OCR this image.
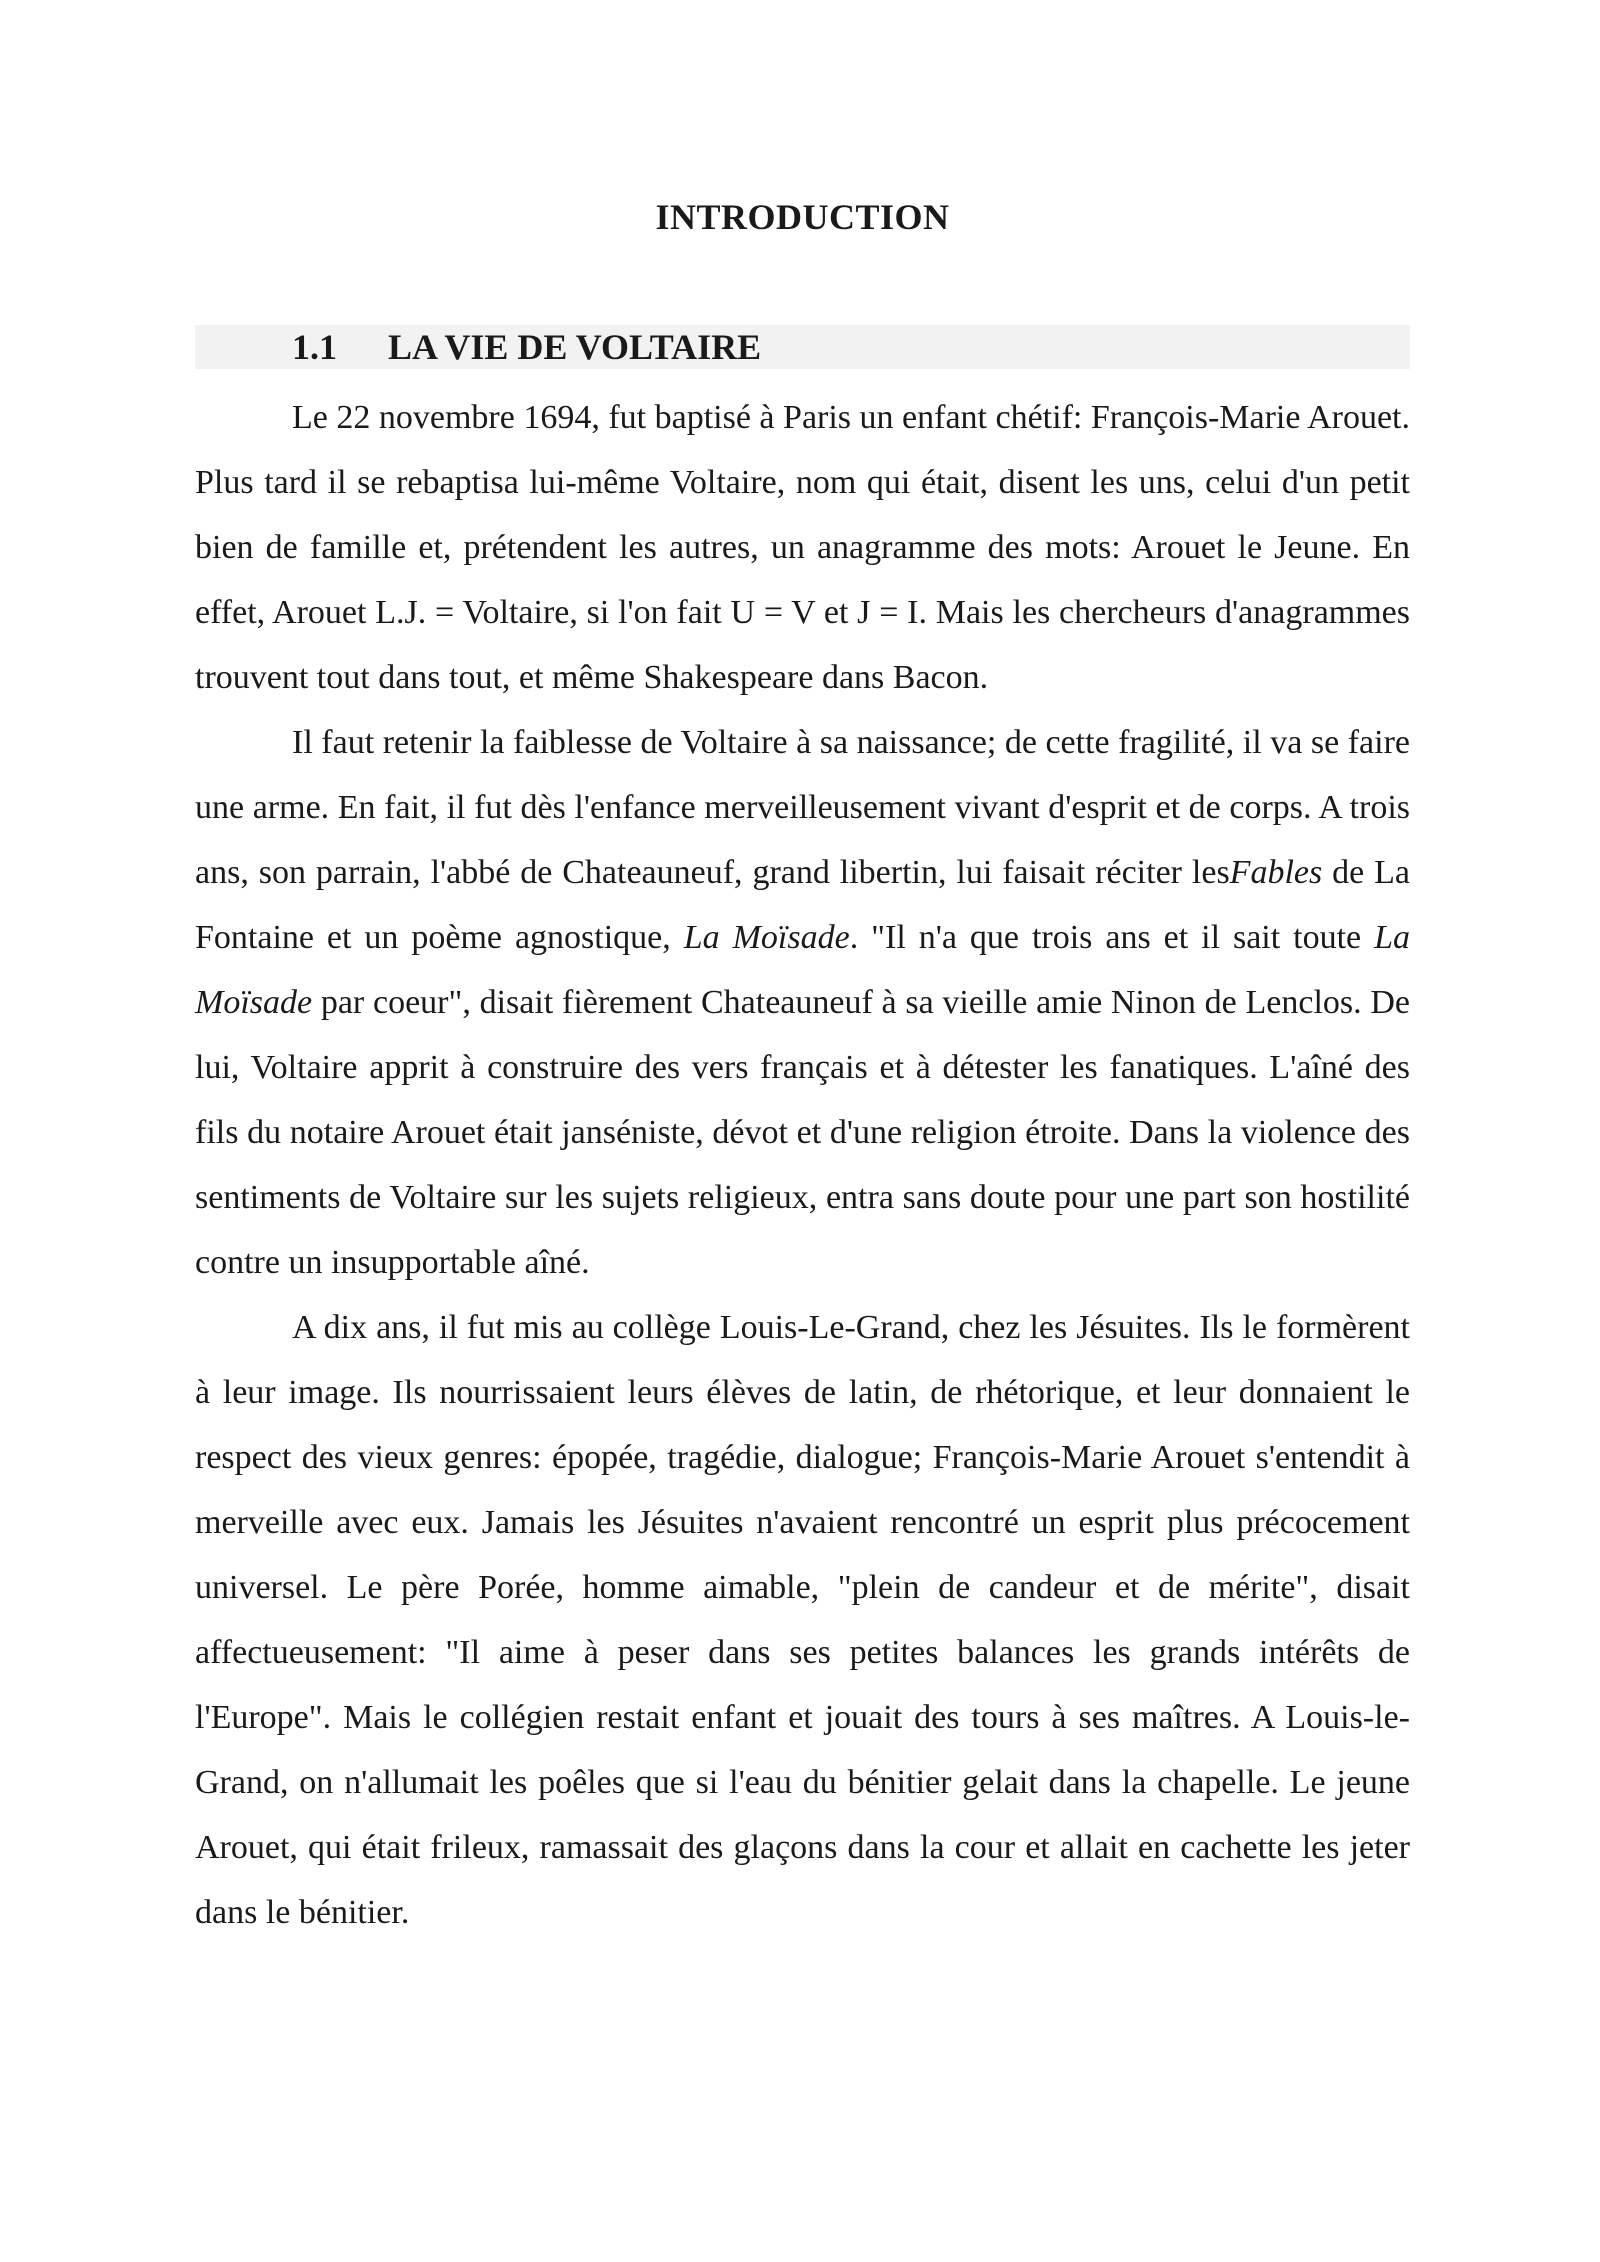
INTRODUCTION
1.1 LA VIE DE VOLTAIRE

Le 22 novembre 1694, fut baptisé à Paris un enfant chétif: François-Marie Arouet. Plus tard il se rebaptisa lui-même Voltaire, nom qui était, disent les uns, celui d'un petit bien de famille et, prétendent les autres, un anagramme des mots: Arouet le Jeune. En effet, Arouet L.J. = Voltaire, si l'on fait U = V et J = I. Mais les chercheurs d'anagrammes trouvent tout dans tout, et même Shakespeare dans Bacon.

Il faut retenir la faiblesse de Voltaire à sa naissance; de cette fragilité, il va se faire une arme. En fait, il fut dès l'enfance merveilleusement vivant d'esprit et de corps. A trois ans, son parrain, l'abbé de Chateauneuf, grand libertin, lui faisait réciter lesFables de La Fontaine et un poème agnostique, La Moïsade. "Il n'a que trois ans et il sait toute La Moïsade par coeur", disait fièrement Chateauneuf à sa vieille amie Ninon de Lenclos. De lui, Voltaire apprit à construire des vers français et à détester les fanatiques. L'aîné des fils du notaire Arouet était janséniste, dévot et d'une religion étroite. Dans la violence des sentiments de Voltaire sur les sujets religieux, entra sans doute pour une part son hostilité contre un insupportable aîné.

A dix ans, il fut mis au collège Louis-Le-Grand, chez les Jésuites. Ils le formèrent à leur image. Ils nourrissaient leurs élèves de latin, de rhétorique, et leur donnaient le respect des vieux genres: épopée, tragédie, dialogue; François-Marie Arouet s'entendit à merveille avec eux. Jamais les Jésuites n'avaient rencontré un esprit plus précocement universel. Le père Porée, homme aimable, "plein de candeur et de mérite", disait affectueusement: "Il aime à peser dans ses petites balances les grands intérêts de l'Europe". Mais le collégien restait enfant et jouait des tours à ses maîtres. A Louis-le-Grand, on n'allumait les poêles que si l'eau du bénitier gelait dans la chapelle. Le jeune Arouet, qui était frileux, ramassait des glaçons dans la cour et allait en cachette les jeter dans le bénitier.
